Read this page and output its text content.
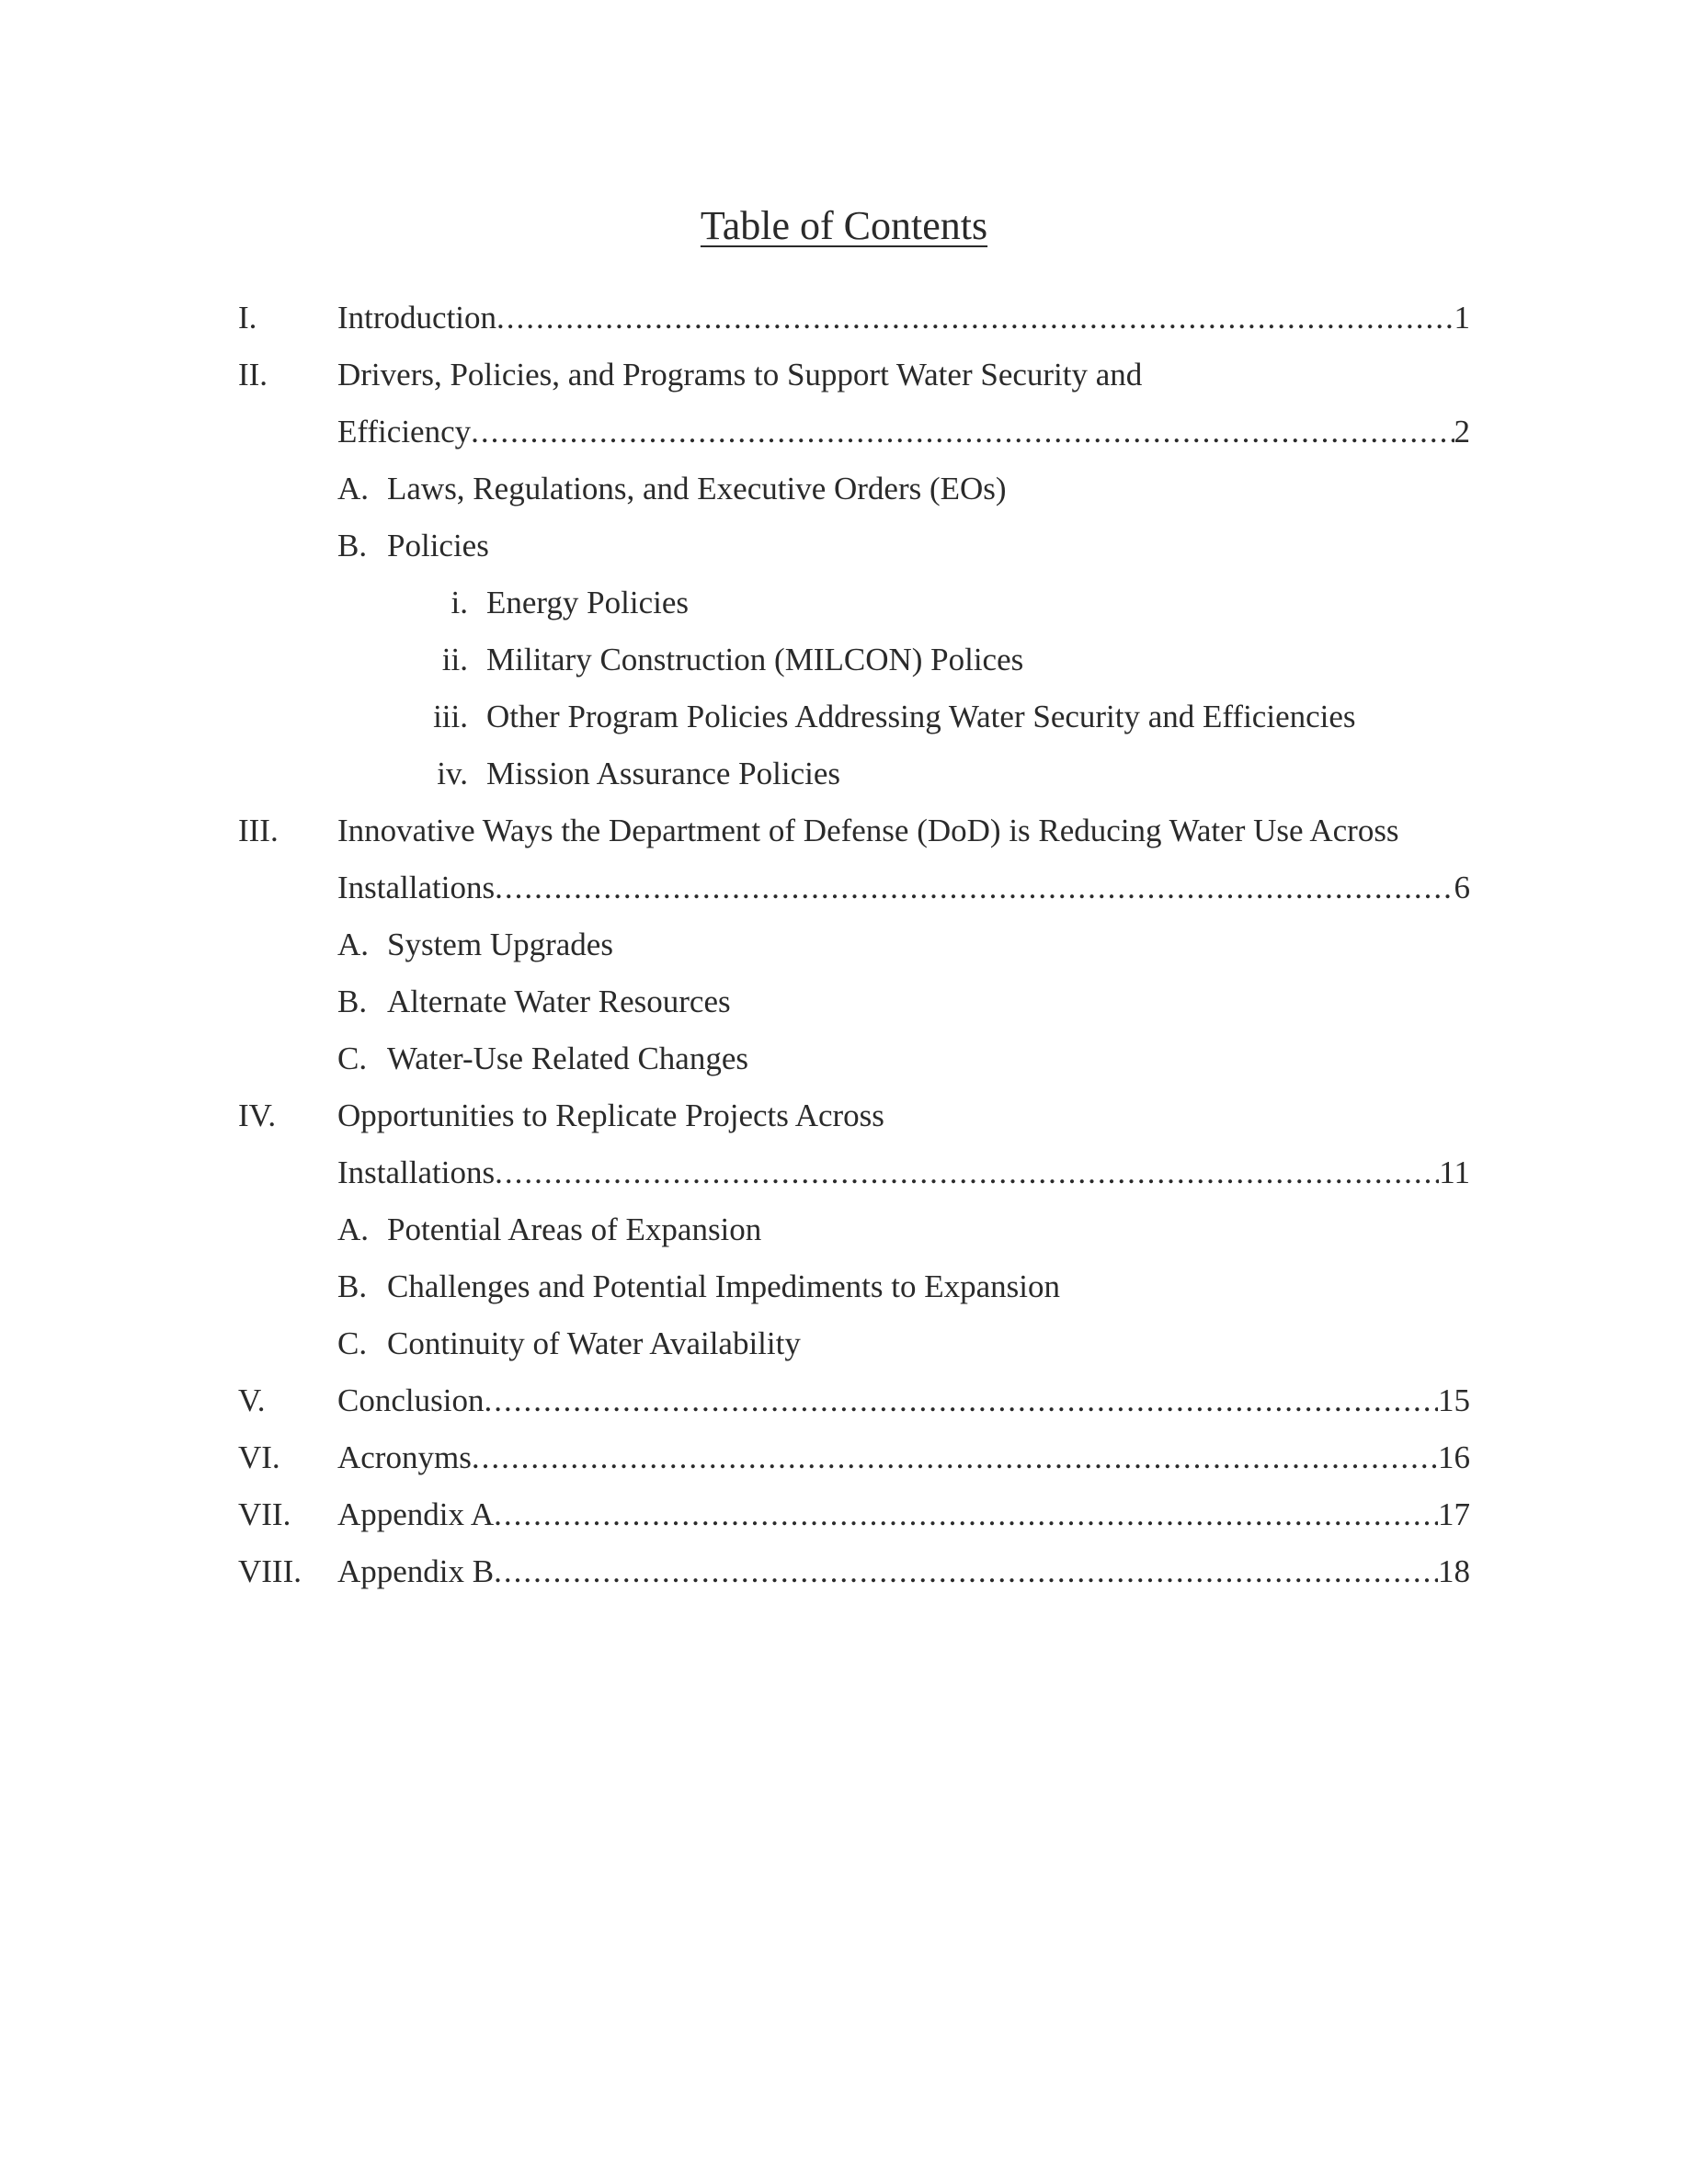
Table of Contents
I.	Introduction .....	1
II. Drivers, Policies, and Programs to Support Water Security and
Efficiency .....	2
A. Laws, Regulations, and Executive Orders (EOs)
B. Policies
i. Energy Policies
ii. Military Construction (MILCON) Polices
iii. Other Program Policies Addressing Water Security and Efficiencies
iv. Mission Assurance Policies
III. Innovative Ways the Department of Defense (DoD) is Reducing Water Use Across
Installations .....	6
A. System Upgrades
B. Alternate Water Resources
C. Water-Use Related Changes
IV. Opportunities to Replicate Projects Across
Installations .....	11
A. Potential Areas of Expansion
B. Challenges and Potential Impediments to Expansion
C. Continuity of Water Availability
V. Conclusion .....	15
VI. Acronyms .....	16
VII. Appendix A .....	17
VIII. Appendix B .....	18
